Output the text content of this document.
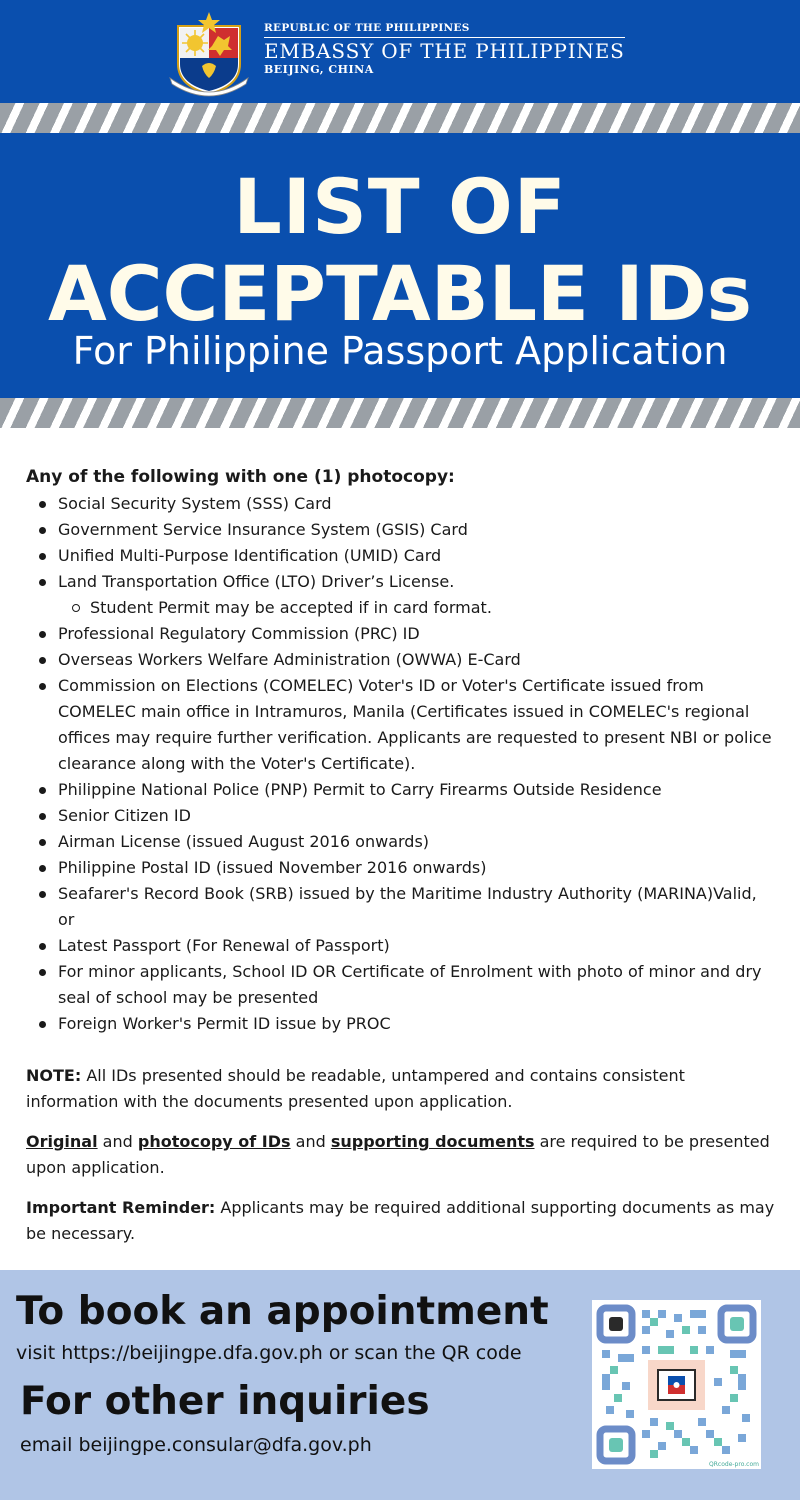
REPUBLIC OF THE PHILIPPINES
EMBASSY OF THE PHILIPPINES
BEIJING, CHINA
LIST OF
ACCEPTABLE IDs
For Philippine Passport Application
Any of the following with one (1) photocopy:
Social Security System (SSS) Card
Government Service Insurance System (GSIS) Card
Unified Multi-Purpose Identification (UMID) Card
Land Transportation Office (LTO) Driver’s License.
Student Permit may be accepted if in card format.
Professional Regulatory Commission (PRC) ID
Overseas Workers Welfare Administration (OWWA) E-Card
Commission on Elections (COMELEC) Voter's ID or Voter's Certificate issued from COMELEC main office in Intramuros, Manila (Certificates issued in COMELEC's regional offices may require further verification. Applicants are requested to present NBI or police clearance along with the Voter's Certificate).
Philippine National Police (PNP) Permit to Carry Firearms Outside Residence
Senior Citizen ID
Airman License (issued August 2016 onwards)
Philippine Postal ID (issued November 2016 onwards)
Seafarer's Record Book (SRB) issued by the Maritime Industry Authority (MARINA)Valid, or
Latest Passport (For Renewal of Passport)
For minor applicants, School ID OR Certificate of Enrolment with photo of minor and dry seal of school may be presented
Foreign Worker's Permit ID issue by PROC

NOTE: All IDs presented should be readable, untampered and contains consistent information with the documents presented upon application.

Original and photocopy of IDs and supporting documents are required to be presented upon application.

Important Reminder: Applicants may be required additional supporting documents as may be necessary.

To book an appointment
visit https://beijingpe.dfa.gov.ph or scan the QR code
For other inquiries
email beijingpe.consular@dfa.gov.ph
QRcode-pro.com
